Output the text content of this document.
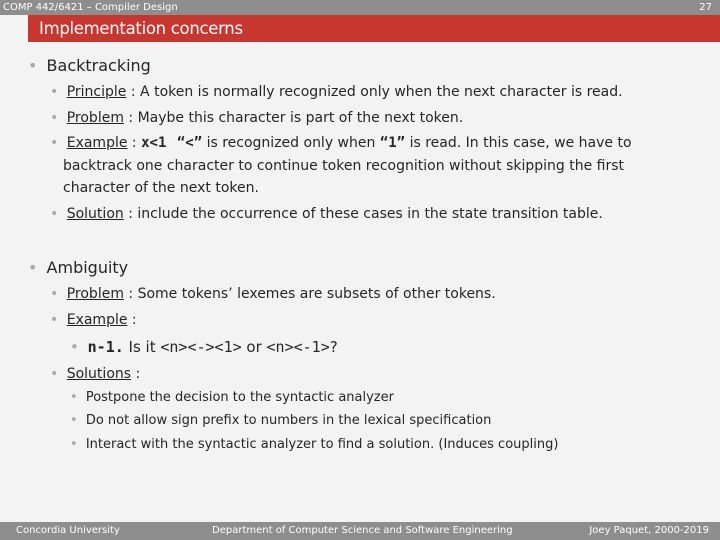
COMP 442/6421 – Compiler Design	27
Implementation concerns
• Backtracking
• Principle : A token is normally recognized only when the next character is read.
• Problem : Maybe this character is part of the next token.
• Example : x<1 “<” is recognized only when “1” is read. In this case, we have to
backtrack one character to continue token recognition without skipping the first
character of the next token.
• Solution : include the occurrence of these cases in the state transition table.
• Ambiguity
• Problem : Some tokens’ lexemes are subsets of other tokens.
• Example :
• n-1. Is it <n><-><1> or <n><-1>?
• Solutions :
• Postpone the decision to the syntactic analyzer
• Do not allow sign prefix to numbers in the lexical specification
• Interact with the syntactic analyzer to find a solution. (Induces coupling)
Concordia University	Department of Computer Science and Software Engineering	Joey Paquet, 2000-2019
